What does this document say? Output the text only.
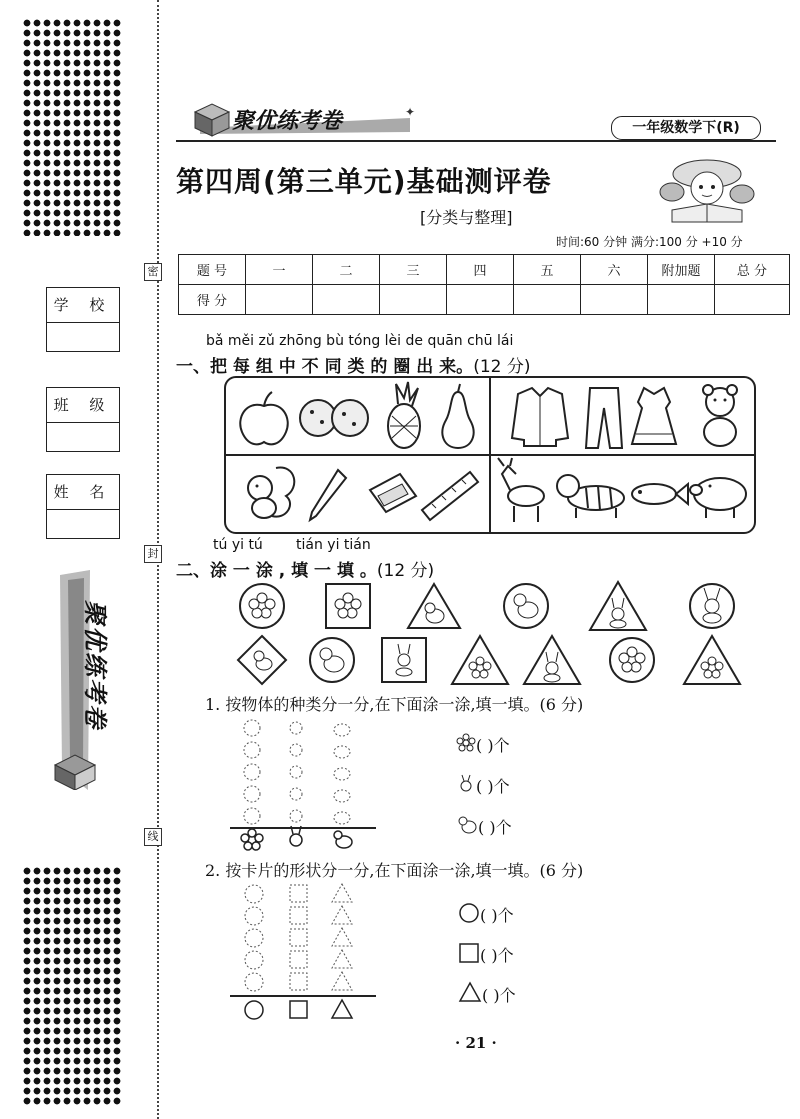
密
封
线
学 校
班 级
姓 名
聚优练考卷
✦
聚优练考卷	一年级数学下(R)
第四周(第三单元)基础测评卷
[分类与整理]
时间:60 分钟 满分:100 分 +10 分
题 号	一	二	三	四	五	六	附加题	总 分
得 分								
bǎ měi zǔ zhōng bù tóng lèi de quān chū lái
一、把 每 组 中 不 同 类 的 圈 出 来。(12 分)
tú yi tú tián yi tián
二、涂 一 涂 , 填 一 填 。(12 分)
1. 按物体的种类分一分,在下面涂一涂,填一填。(6 分)
( )个
( )个
( )个
2. 按卡片的形状分一分,在下面涂一涂,填一填。(6 分)
( )个
( )个
( )个
· 21 ·
